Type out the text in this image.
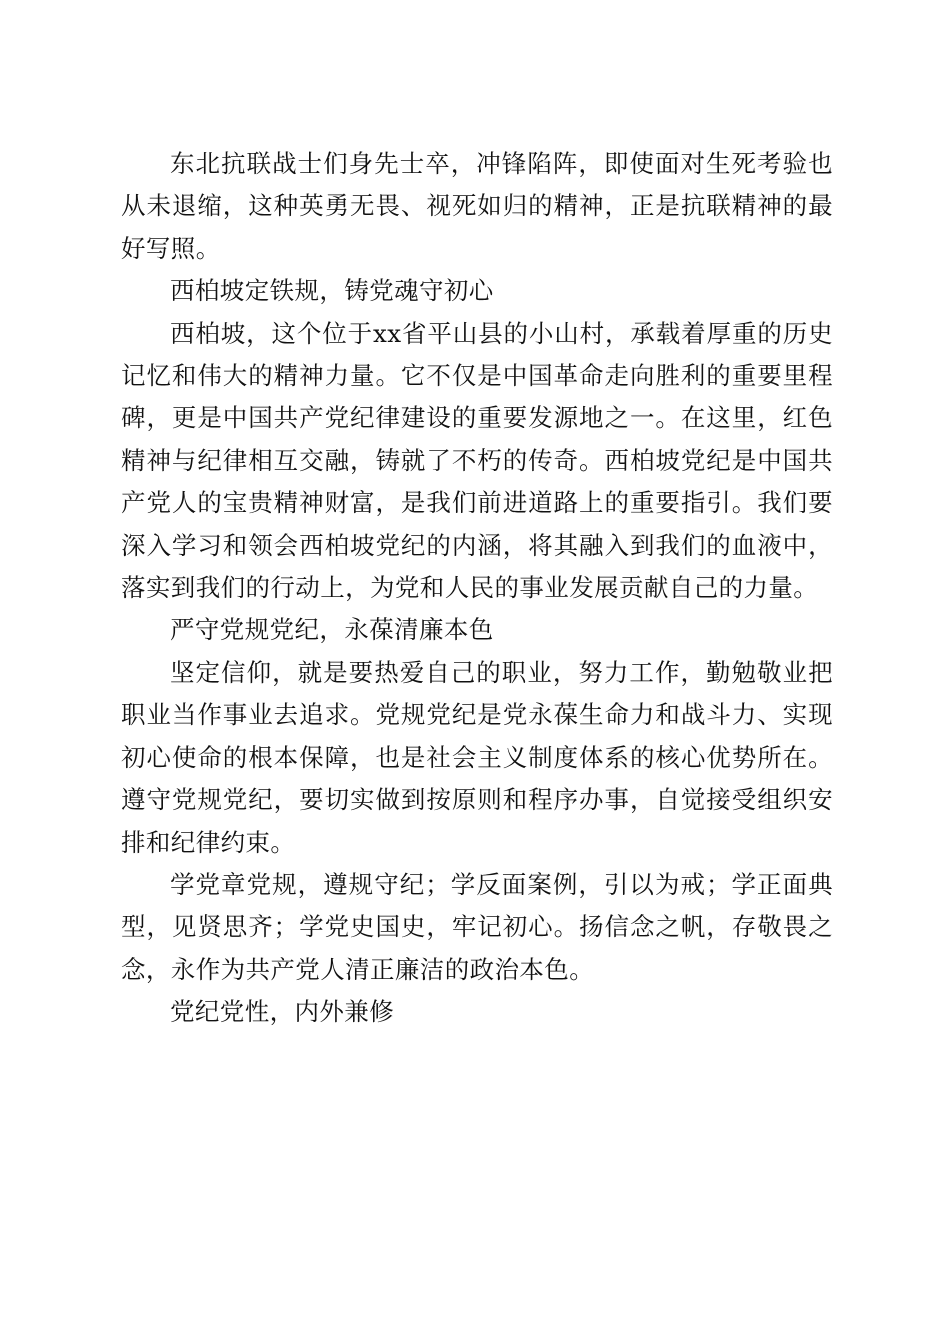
东北抗联战士们身先士卒，冲锋陷阵，即使面对生死考验也从未退缩，这种英勇无畏、视死如归的精神，正是抗联精神的最好写照。

西柏坡定铁规，铸党魂守初心

西柏坡，这个位于xx省平山县的小山村，承载着厚重的历史记忆和伟大的精神力量。它不仅是中国革命走向胜利的重要里程碑，更是中国共产党纪律建设的重要发源地之一。在这里，红色精神与纪律相互交融，铸就了不朽的传奇。西柏坡党纪是中国共产党人的宝贵精神财富，是我们前进道路上的重要指引。我们要深入学习和领会西柏坡党纪的内涵，将其融入到我们的血液中，落实到我们的行动上，为党和人民的事业发展贡献自己的力量。

严守党规党纪，永葆清廉本色

坚定信仰，就是要热爱自己的职业，努力工作，勤勉敬业把职业当作事业去追求。党规党纪是党永葆生命力和战斗力、实现初心使命的根本保障，也是社会主义制度体系的核心优势所在。遵守党规党纪，要切实做到按原则和程序办事，自觉接受组织安排和纪律约束。

学党章党规，遵规守纪；学反面案例，引以为戒；学正面典型，见贤思齐；学党史国史，牢记初心。扬信念之帆，存敬畏之念，永作为共产党人清正廉洁的政治本色。

党纪党性，内外兼修
